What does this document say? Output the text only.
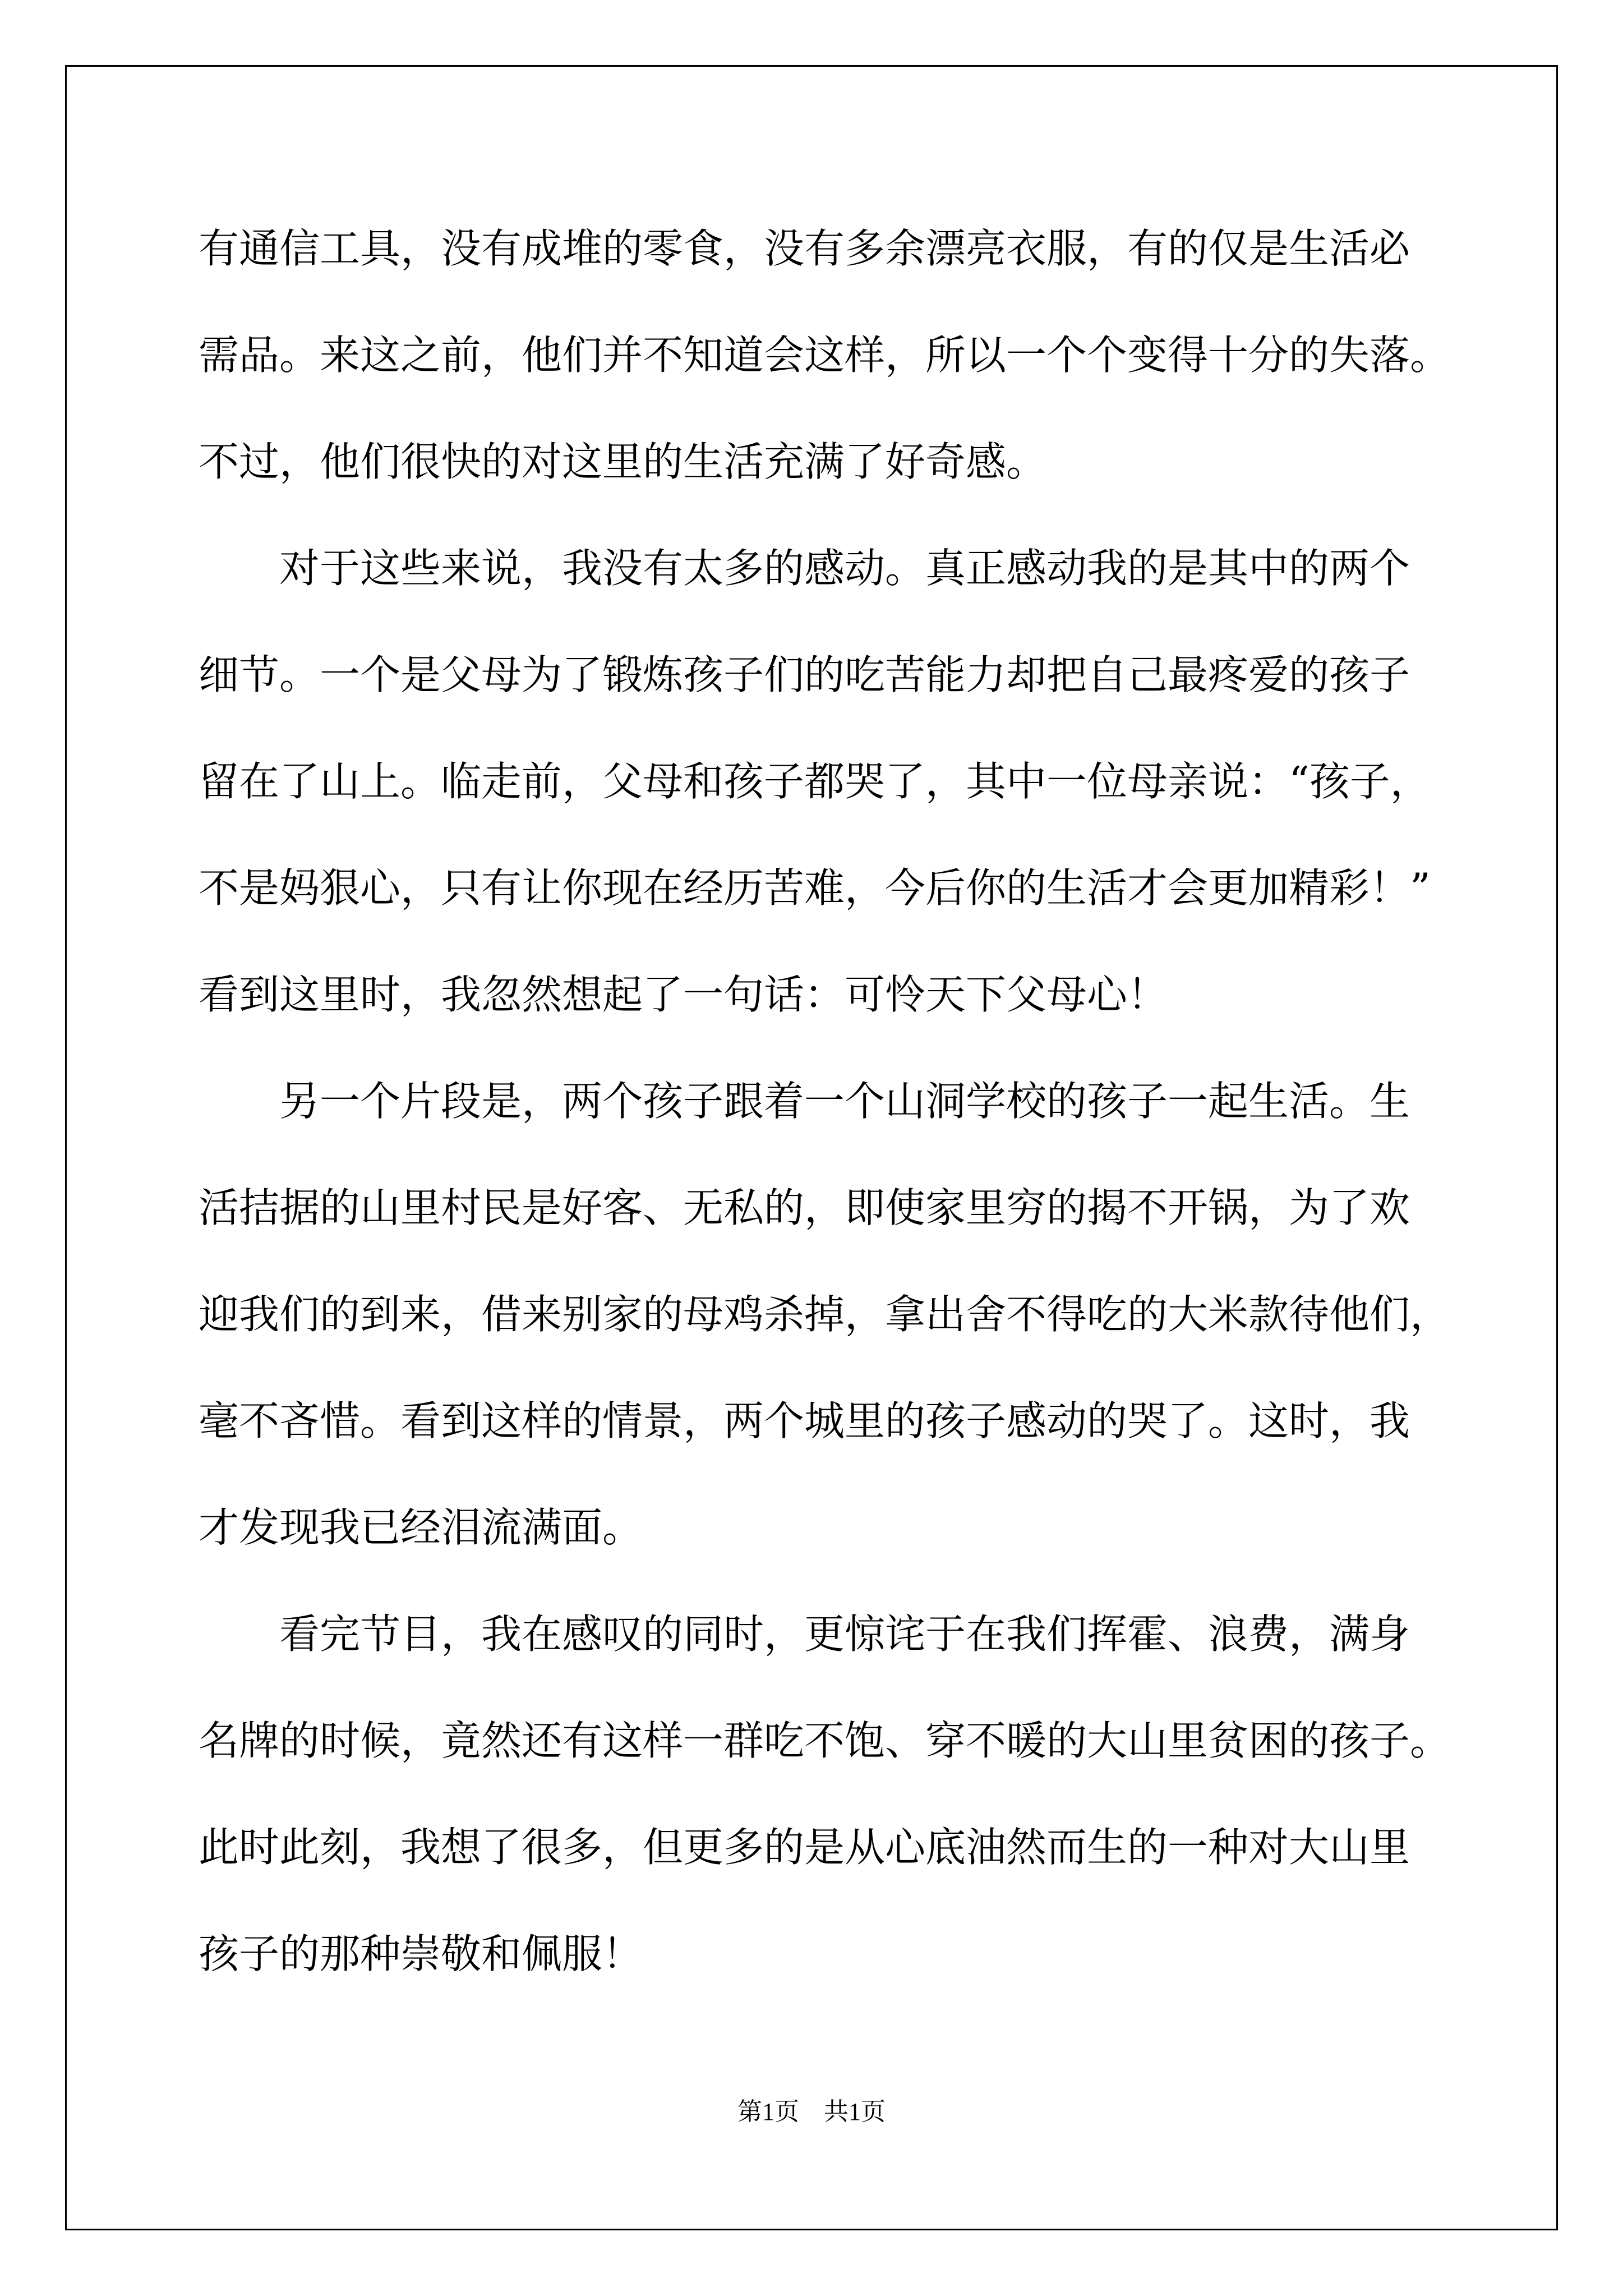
有通信工具，没有成堆的零食，没有多余漂亮衣服，有的仅是生活必

需品。来这之前，他们并不知道会这样，所以一个个变得十分的失落。

不过，他们很快的对这里的生活充满了好奇感。

　　对于这些来说，我没有太多的感动。真正感动我的是其中的两个

细节。一个是父母为了锻炼孩子们的吃苦能力却把自己最疼爱的孩子

留在了山上。临走前，父母和孩子都哭了，其中一位母亲说：“孩子，

不是妈狠心，只有让你现在经历苦难，今后你的生活才会更加精彩！”

看到这里时，我忽然想起了一句话：可怜天下父母心！

　　另一个片段是，两个孩子跟着一个山洞学校的孩子一起生活。生

活拮据的山里村民是好客、无私的，即使家里穷的揭不开锅，为了欢

迎我们的到来，借来别家的母鸡杀掉，拿出舍不得吃的大米款待他们，

毫不吝惜。看到这样的情景，两个城里的孩子感动的哭了。这时，我

才发现我已经泪流满面。

　　看完节目，我在感叹的同时，更惊诧于在我们挥霍、浪费，满身

名牌的时候，竟然还有这样一群吃不饱、穿不暖的大山里贫困的孩子。

此时此刻，我想了很多，但更多的是从心底油然而生的一种对大山里

孩子的那种崇敬和佩服！

第1页　共1页
